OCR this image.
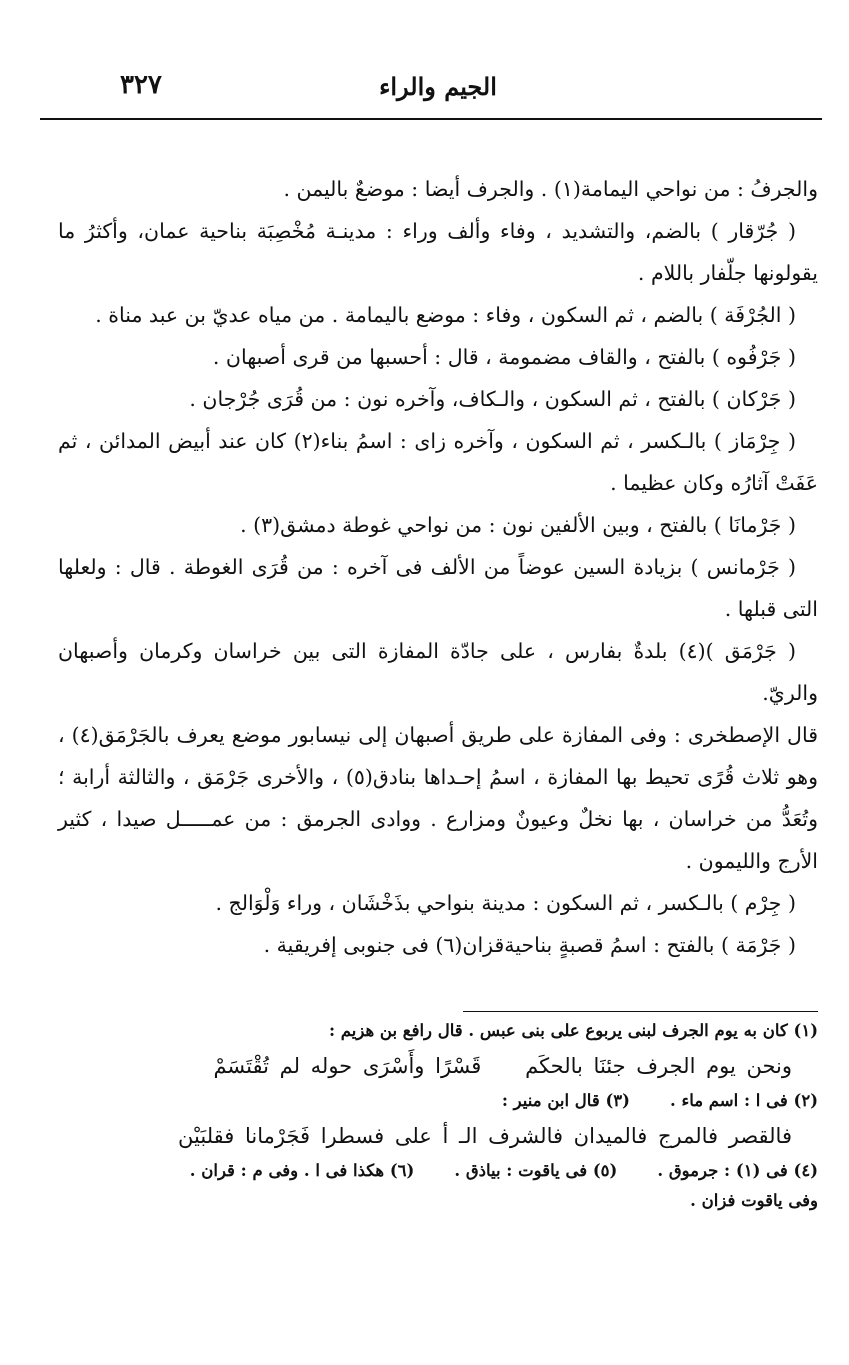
الجيم والراء
٣٢٧

والجرفُ : من نواحي اليمامة(١) . والجرف أيضا : موضعٌ باليمن .

( جُرّقار ) بالضم، والتشديد ، وفاء وألف وراء : مدينـة مُخْصِبَة بناحية عمان، وأكثرُ ما يقولونها جلّفار باللام .

( الجُرْفَة ) بالضم ، ثم السكون ، وفاء : موضع باليمامة . من مياه عديّ بن عبد مناة .

( جَرْفُوه ) بالفتح ، والقاف مضمومة ، قال : أحسبها من قرى أصبهان .

( جَرْكان ) بالفتح ، ثم السكون ، والـكاف، وآخره نون : من قُرَى جُرْجان .

( جِرْمَاز ) بالـكسر ، ثم السكون ، وآخره زاى : اسمُ بناء(٢) كان عند أبيض المدائن ، ثم عَفَتْ آثارُه وكان عظيما .

( جَرْمانَا ) بالفتح ، وبين الألفين نون : من نواحي غوطة دمشق(٣) .

( جَرْمانس ) بزيادة السين عوضاً من الألف فى آخره : من قُرَى الغوطة . قال : ولعلها التى قبلها .

( جَرْمَق )(٤) بلدةٌ بفارس ، على جادّة المفازة التى بين خراسان وكرمان وأصبهان والريّ.

قال الإصطخرى : وفى المفازة على طريق أصبهان إلى نيسابور موضع يعرف بالجَرْمَق(٤) ، وهو ثلاث قُرًى تحيط بها المفازة ، اسمُ إحـداها بنادق(٥) ، والأخرى جَرْمَق ، والثالثة أرابة ؛ وتُعَدُّ من خراسان ، بها نخلٌ وعيونٌ ومزارع . ووادى الجرمق : من عمـــــل صيدا ، كثير الأرج والليمون .

( جِرْم ) بالـكسر ، ثم السكون : مدينة بنواحي بذَخْشَان ، وراء وَلْوَالج .

( جَرْمَة ) بالفتح : اسمُ قصبةٍ بناحيةقزان(٦) فى جنوبى إفريقية .

(١) كان به يوم الجرف لبنى يربوع على بنى عبس . قال رافع بن هزيم :

ونحن يوم الجرف جئنَا بالحكَم قَسْرًا وأَسْرَى حوله لم تُقْتَسَمْ

(٢) فى ا : اسم ماء .
(٣) قال ابن منير :

فالقصر فالمرج فالميدان فالشرف الـ أ على فسطرا فَجَرْمانا فقلبَيْن

(٤) فى (١) : جرموق .
(٥) فى ياقوت : بياذق .
(٦) هكذا فى ا . وفى م : قران .

وفى ياقوت فزان .
